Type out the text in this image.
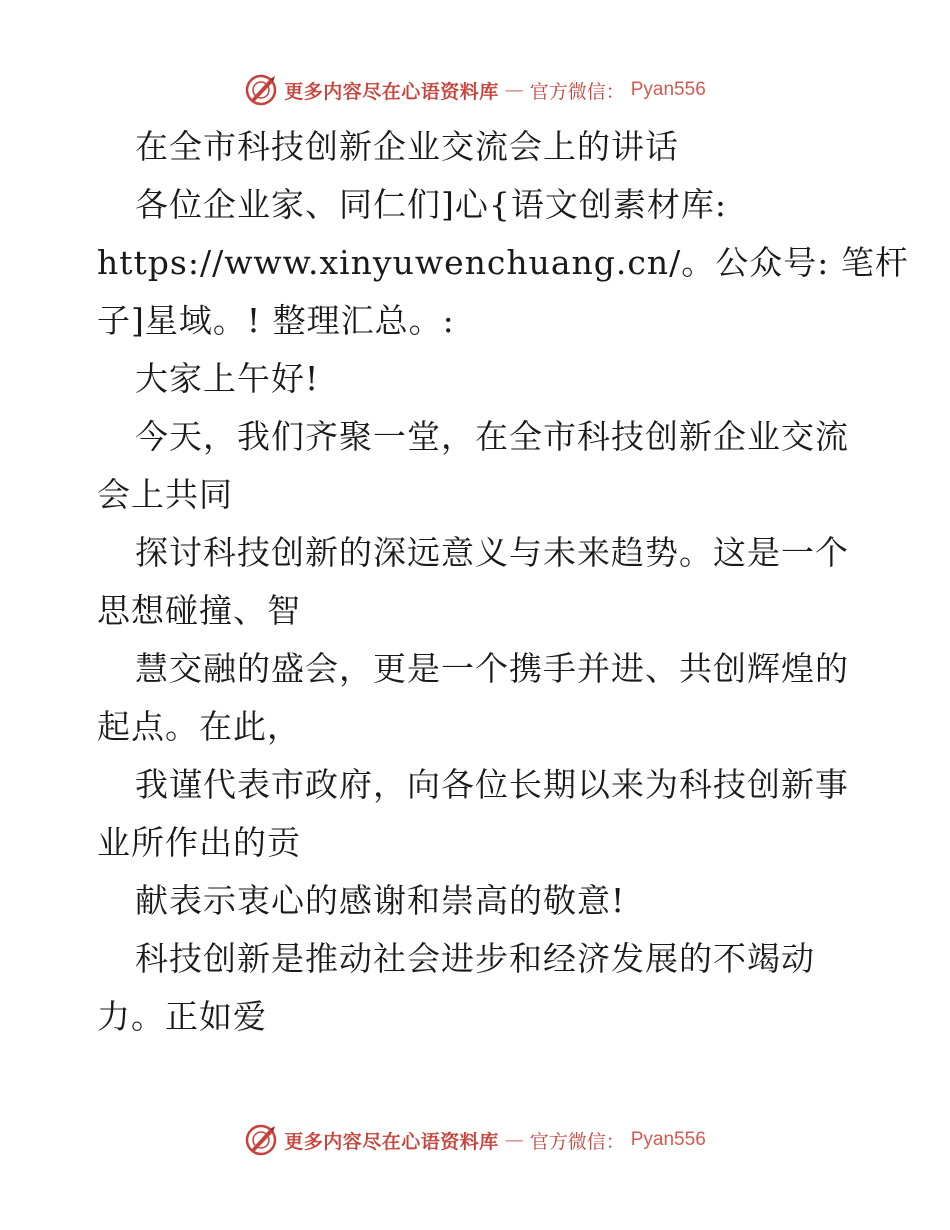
更多内容尽在心语资料库 — 官方微信： Pyan556
在全市科技创新企业交流会上的讲话
各位企业家、同仁们]心{语文创素材库:
https://www.xinyuwenchuang.cn/。公众号: 笔杆
子]星域。! 整理汇总。:
大家上午好!
今天，我们齐聚一堂，在全市科技创新企业交流
会上共同
探讨科技创新的深远意义与未来趋势。这是一个
思想碰撞、智
慧交融的盛会，更是一个携手并进、共创辉煌的
起点。在此，
我谨代表市政府，向各位长期以来为科技创新事
业所作出的贡
献表示衷心的感谢和崇高的敬意!
科技创新是推动社会进步和经济发展的不竭动
力。正如爱
更多内容尽在心语资料库 — 官方微信： Pyan556
